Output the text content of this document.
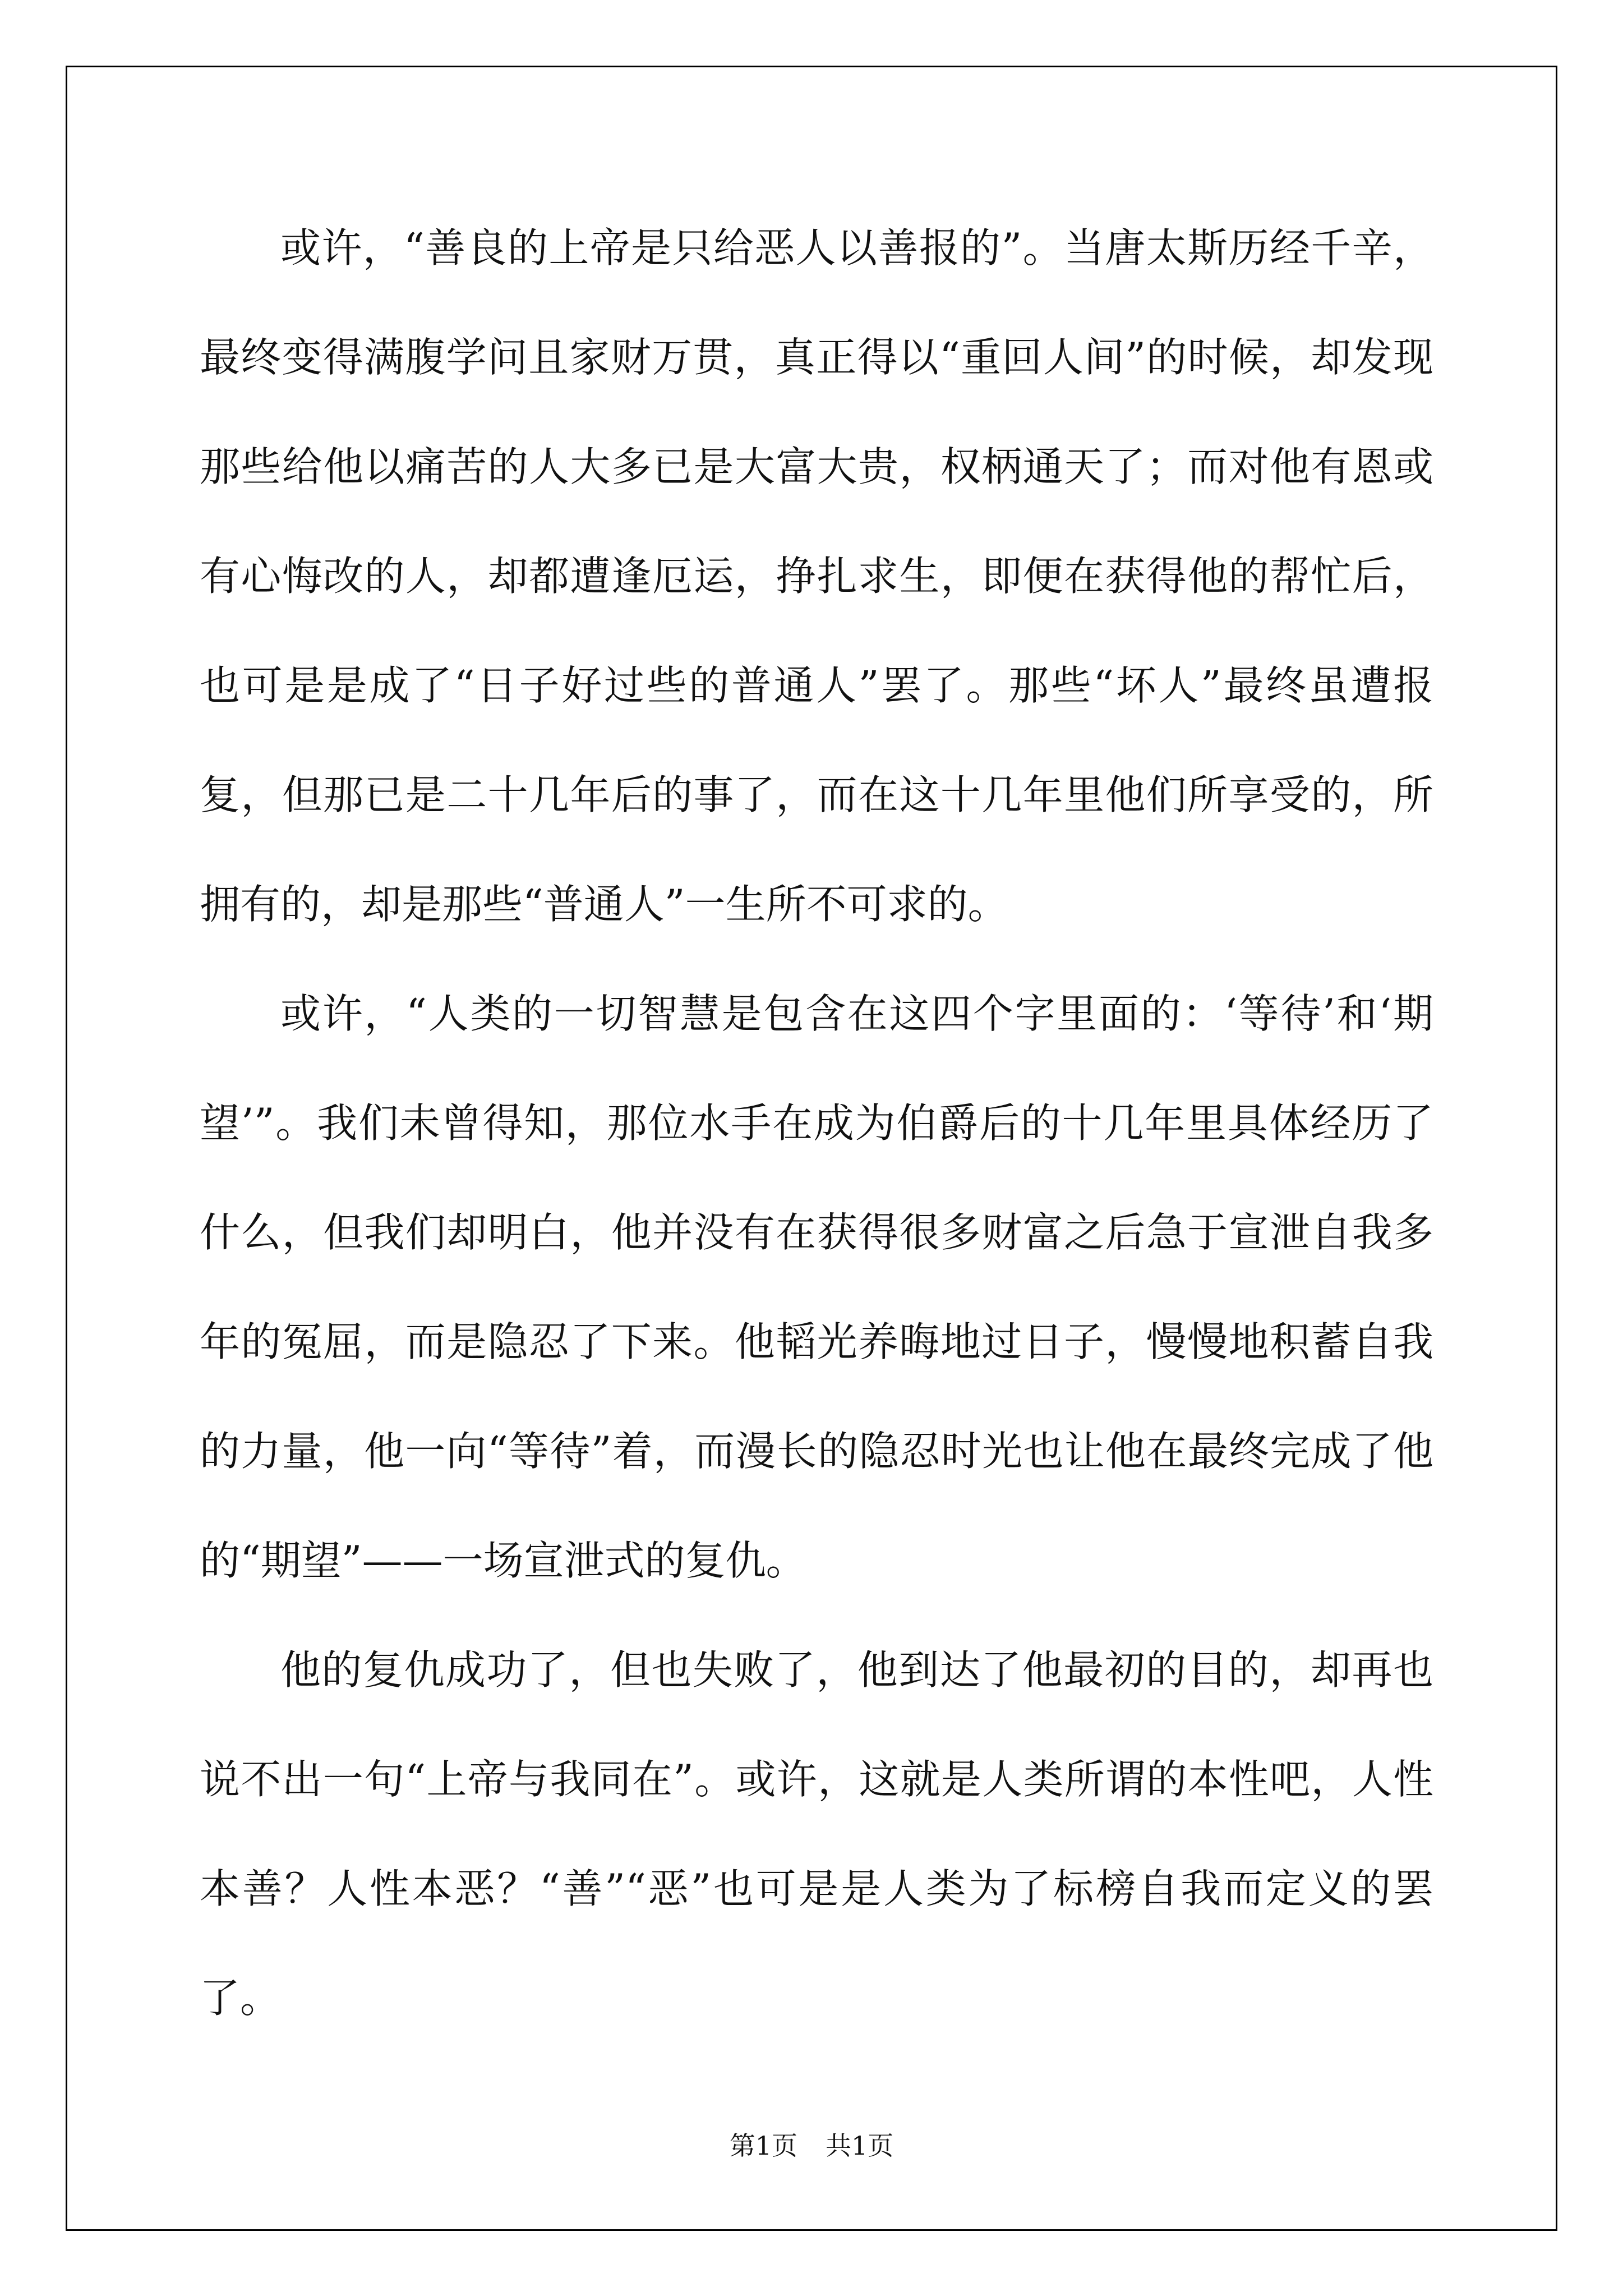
或许，“善良的上帝是只给恶人以善报的”。当唐太斯历经千辛，最终变得满腹学问且家财万贯，真正得以“重回人间”的时候，却发现那些给他以痛苦的人大多已是大富大贵，权柄通天了；而对他有恩或有心悔改的人，却都遭逢厄运，挣扎求生，即便在获得他的帮忙后，也可是是成了“日子好过些的普通人”罢了。那些“坏人”最终虽遭报复，但那已是二十几年后的事了，而在这十几年里他们所享受的，所拥有的，却是那些“普通人”一生所不可求的。

或许，“人类的一切智慧是包含在这四个字里面的：‘等待’和‘期望’”。我们未曾得知，那位水手在成为伯爵后的十几年里具体经历了什么，但我们却明白，他并没有在获得很多财富之后急于宣泄自我多年的冤屈，而是隐忍了下来。他韬光养晦地过日子，慢慢地积蓄自我的力量，他一向“等待”着，而漫长的隐忍时光也让他在最终完成了他的“期望”——一场宣泄式的复仇。

他的复仇成功了，但也失败了，他到达了他最初的目的，却再也说不出一句“上帝与我同在”。或许，这就是人类所谓的本性吧，人性本善？人性本恶？“善”“恶”也可是是人类为了标榜自我而定义的罢了。

第1页 共1页
